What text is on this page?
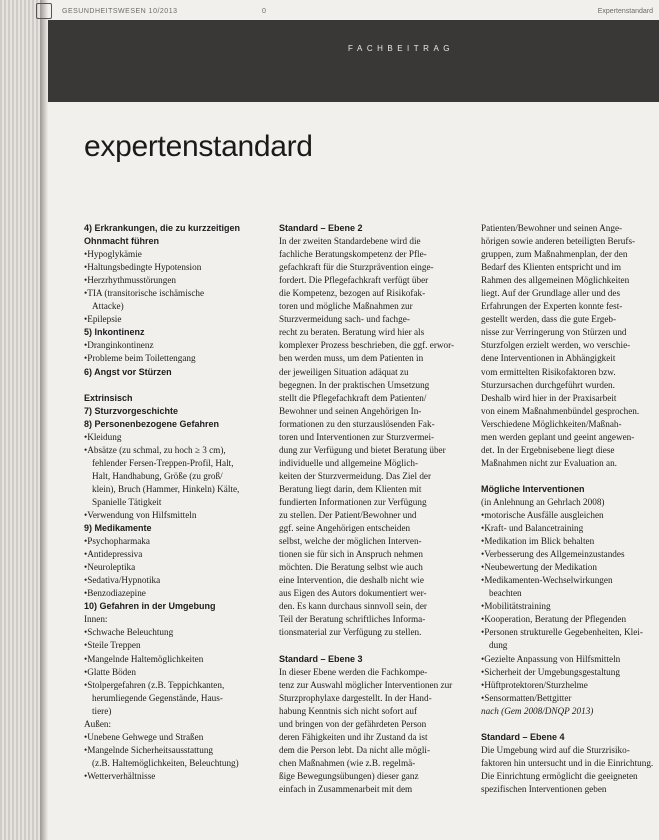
GESUNDHEITSWESEN 10/2013	0	Expertenstandard
FACHBEITRAG
expertenstandard
4) Erkrankungen, die zu kurzzeitigen
Ohnmacht führen
• Hypoglykämie
• Haltungsbedingte Hypotension
• Herzrhythmusstörungen
• TIA (transitorische ischämische
Attacke)
• Epilepsie
5) Inkontinenz
• Dranginkontinenz
• Probleme beim Toilettengang
6) Angst vor Stürzen
Extrinsisch
7) Sturzvorgeschichte
8) Personenbezogene Gefahren
• Kleidung
• Absätze (zu schmal, zu hoch ≥ 3 cm),
fehlender Fersen-Treppen-Profil, Halt,
Halt, Handhabung, Größe (zu groß/
klein), Bruch (Hammer, Hinkeln) Kälte,
Spanielle Tätigkeit
• Verwendung von Hilfsmitteln
9) Medikamente
• Psychopharmaka
• Antidepressiva
• Neuroleptika
• Sedativa/Hypnotika
• Benzodiazepine
10) Gefahren in der Umgebung
Innen:
• Schwache Beleuchtung
• Steile Treppen
• Mangelnde Haltemöglichkeiten
• Glatte Böden
• Stolpergefahren (z.B. Teppichkanten,
herumliegende Gegenstände, Haus-
tiere)
Außen:
• Unebene Gehwege und Straßen
• Mangelnde Sicherheitsausstattung
(z.B. Haltemöglichkeiten, Beleuchtung)
• Wetterverhältnisse
Standard – Ebene 2
In der zweiten Standardebene wird die
fachliche Beratungskompetenz der Pfle-
gefachkraft für die Sturzprävention einge-
fordert. Die Pflegefachkraft verfügt über
die Kompetenz, bezogen auf Risikofak-
toren und mögliche Maßnahmen zur
Sturzvermeidung sach- und fachge-
recht zu beraten. Beratung wird hier als
komplexer Prozess beschrieben, die ggf. erwor-
ben werden muss, um dem Patienten in
der jeweiligen Situation adäquat zu
begegnen. In der praktischen Umsetzung
stellt die Pflegefachkraft dem Patienten/
Bewohner und seinen Angehörigen In-
formationen zu den sturzauslösenden Fak-
toren und Interventionen zur Sturzvermei-
dung zur Verfügung und bietet Beratung über
individuelle und allgemeine Möglich-
keiten der Sturzvermeidung. Das Ziel der
Beratung liegt darin, dem Klienten mit
fundierten Informationen zur Verfügung
zu stellen. Der Patient/Bewohner und
ggf. seine Angehörigen entscheiden
selbst, welche der möglichen Interven-
tionen sie für sich in Anspruch nehmen
möchten. Die Beratung selbst wie auch
eine Intervention, die deshalb nicht wie
aus Eigen des Autors dokumentiert wer-
den. Es kann durchaus sinnvoll sein, der
Teil der Beratung schriftliches Informa-
tionsmaterial zur Verfügung zu stellen.
Standard – Ebene 3
In dieser Ebene werden die Fachkompe-
tenz zur Auswahl möglicher Interventionen zur
Sturzprophylaxe dargestellt. In der Hand-
habung Kenntnis sich nicht sofort auf
und bringen von der gefährdeten Person
deren Fähigkeiten und ihr Zustand da ist
dem die Person lebt. Da nicht alle mögli-
chen Maßnahmen (wie z.B. regelmä-
ßige Bewegungsübungen) dieser ganz
einfach in Zusammenarbeit mit dem
Patienten/Bewohner und seinen Ange-
hörigen sowie anderen beteiligten Berufs-
gruppen, zum Maßnahmenplan, der den
Bedarf des Klienten entspricht und im
Rahmen des allgemeinen Möglichkeiten
liegt. Auf der Grundlage aller und des
Erfahrungen der Experten konnte fest-
gestellt werden, dass die gute Ergeb-
nisse zur Verringerung von Stürzen und
Sturzfolgen erzielt werden, wo verschie-
dene Interventionen in Abhängigkeit
vom ermittelten Risikofaktoren bzw.
Sturzursachen durchgeführt wurden.
Deshalb wird hier in der Praxisarbeit
von einem Maßnahmenbündel gesprochen.
Verschiedene Möglichkeiten/Maßnah-
men werden geplant und geeint angewen-
det. In der Ergebnisebene liegt diese
Maßnahmen nicht zur Evaluation an.
Mögliche Interventionen
(in Anlehnung an Gehrlach 2008)
• motorische Ausfälle ausgleichen
• Kraft- und Balancetraining
• Medikation im Blick behalten
• Verbesserung des Allgemeinzustandes
• Neubewertung der Medikation
• Medikamenten-Wechselwirkungen
beachten
• Mobilitätstraining
• Kooperation, Beratung der Pflegenden
• Personen strukturelle Gegebenheiten, Klei-
dung
• Gezielte Anpassung von Hilfsmitteln
• Sicherheit der Umgebungsgestaltung
• Hüftprotektoren/Sturzhelme
• Sensormatten/Bettgitter
nach (Gem 2008/DNQP 2013)
Standard – Ebene 4
Die Umgebung wird auf die Sturzrisiko-
faktoren hin untersucht und in die Einrichtung.
Die Einrichtung ermöglicht die geeigneten
spezifischen Interventionen geben
